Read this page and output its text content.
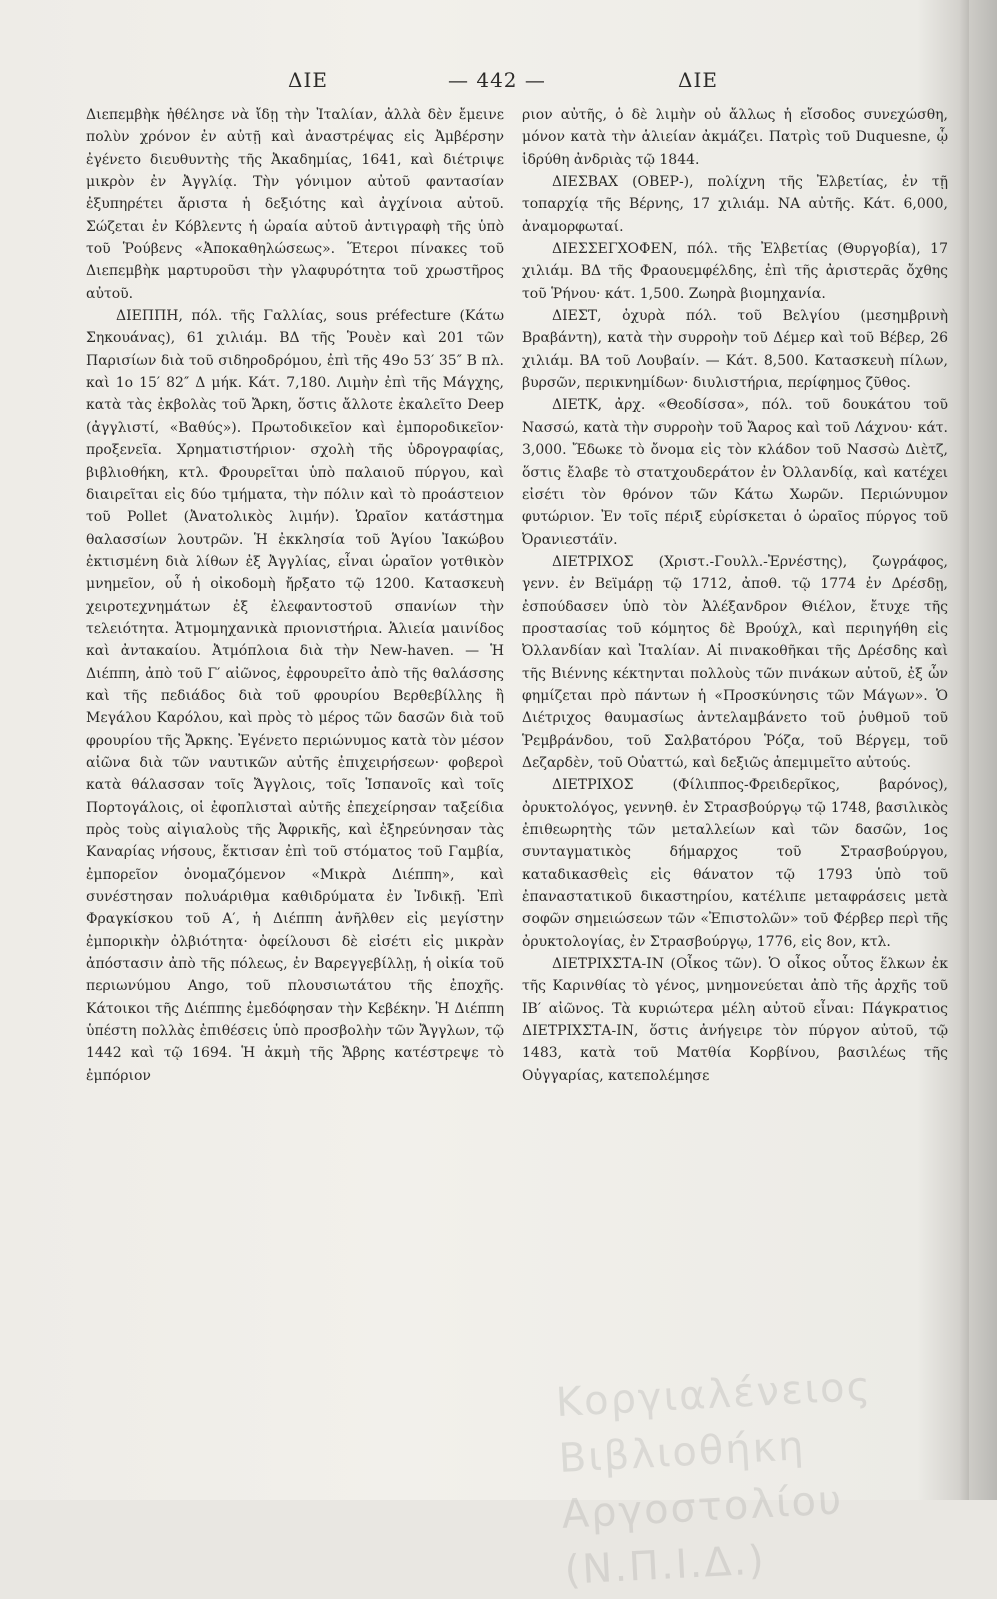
ΔΙΕ	— 442 —	ΔΙΕ

Διεπεμβὴκ ἠθέλησε νὰ ἴδῃ τὴν Ἰταλίαν, ἀλλὰ δὲν ἔμεινε πολὺν χρόνον ἐν αὐτῇ καὶ ἀναστρέψας εἰς Ἀμβέρσην ἐγένετο διευθυντὴς τῆς Ἀκαδημίας, 1641, καὶ διέτριψε μικρὸν ἐν Ἀγγλίᾳ. Τὴν γόνιμον αὐτοῦ φαντασίαν ἐξυπηρέτει ἄριστα ἡ δεξιότης καὶ ἀγχίνοια αὐτοῦ. Σώζεται ἐν Κόβλεντς ἡ ὡραία αὐτοῦ ἀντιγραφὴ τῆς ὑπὸ τοῦ Ῥούβενς «Ἀποκαθηλώσεως». Ἕτεροι πίνακες τοῦ Διεπεμβὴκ μαρτυροῦσι τὴν γλαφυρότητα τοῦ χρωστῆρος αὐτοῦ.

ΔΙΕΠΠΗ, πόλ. τῆς Γαλλίας, sous préfecture (Κάτω Σηκουάνας), 61 χιλιάμ. ΒΔ τῆς Ῥουὲν καὶ 201 τῶν Παρισίων διὰ τοῦ σιδηροδρόμου, ἐπὶ τῆς 49ο 53′ 35″ Β πλ. καὶ 1ο 15′ 82″ Δ μήκ. Κάτ. 7,180. Λιμὴν ἐπὶ τῆς Μάγχης, κατὰ τὰς ἐκβολὰς τοῦ Ἄρκη, ὅστις ἄλλοτε ἐκαλεῖτο Deep (ἀγγλιστί, «Βαθύς»). Πρωτοδικεῖον καὶ ἐμποροδικεῖον· προξενεῖα. Χρηματιστήριον· σχολὴ τῆς ὑδρογραφίας, βιβλιοθήκη, κτλ. Φρουρεῖται ὑπὸ παλαιοῦ πύργου, καὶ διαιρεῖται εἰς δύο τμήματα, τὴν πόλιν καὶ τὸ προάστειον τοῦ Pollet (Ἀνατολικὸς λιμήν). Ὡραῖον κατάστημα θαλασσίων λουτρῶν. Ἡ ἐκκλησία τοῦ Ἁγίου Ἰακώβου ἐκτισμένη διὰ λίθων ἐξ Ἀγγλίας, εἶναι ὡραῖον γοτθικὸν μνημεῖον, οὗ ἡ οἰκοδομὴ ἤρξατο τῷ 1200. Κατασκευὴ χειροτεχνημάτων ἐξ ἐλεφαντοστοῦ σπανίων τὴν τελειότητα. Ἀτμομηχανικὰ πριονιστήρια. Ἁλιεία μαινίδος καὶ ἀντακαίου. Ἀτμόπλοια διὰ τὴν New-haven. — Ἡ Διέππη, ἀπὸ τοῦ Γ′ αἰῶνος, ἐφρουρεῖτο ἀπὸ τῆς θαλάσσης καὶ τῆς πεδιάδος διὰ τοῦ φρουρίου Βερθεβίλλης ἢ Μεγάλου Καρόλου, καὶ πρὸς τὸ μέρος τῶν δασῶν διὰ τοῦ φρουρίου τῆς Ἄρκης. Ἐγένετο περιώνυμος κατὰ τὸν μέσον αἰῶνα διὰ τῶν ναυτικῶν αὐτῆς ἐπιχειρήσεων· φοβεροὶ κατὰ θάλασσαν τοῖς Ἄγγλοις, τοῖς Ἱσπανοῖς καὶ τοῖς Πορτογάλοις, οἱ ἐφοπλισταὶ αὐτῆς ἐπεχείρησαν ταξείδια πρὸς τοὺς αἰγιαλοὺς τῆς Ἀφρικῆς, καὶ ἐξηρεύνησαν τὰς Καναρίας νήσους, ἔκτισαν ἐπὶ τοῦ στόματος τοῦ Γαμβία, ἐμπορεῖον ὀνομαζόμενον «Μικρὰ Διέππη», καὶ συνέστησαν πολυάριθμα καθιδρύματα ἐν Ἰνδικῇ. Ἐπὶ Φραγκίσκου τοῦ Α′, ἡ Διέππη ἀνῆλθεν εἰς μεγίστην ἐμπορικὴν ὀλβιότητα· ὀφείλουσι δὲ εἰσέτι εἰς μικρὰν ἀπόστασιν ἀπὸ τῆς πόλεως, ἐν Βαρεγγεβίλλῃ, ἡ οἰκία τοῦ περιωνύμου Ango, τοῦ πλουσιωτάτου τῆς ἐποχῆς. Κάτοικοι τῆς Διέππης ἐμεδόφησαν τὴν Κεβέκην. Ἡ Διέππη ὑπέστη πολλὰς ἐπιθέσεις ὑπὸ προσβολὴν τῶν Ἄγγλων, τῷ 1442 καὶ τῷ 1694. Ἡ ἀκμὴ τῆς Ἄβρης κατέστρεψε τὸ ἐμπόριον

ριον αὐτῆς, ὁ δὲ λιμὴν οὐ ἄλλως ἡ εἴσοδος συνεχώσθη, μόνον κατὰ τὴν ἁλιείαν ἀκμάζει. Πατρὶς τοῦ Duquesne, ᾧ ἱδρύθη ἀνδριὰς τῷ 1844.

ΔΙΕΣΒΑΧ (ΟΒΕΡ-), πολίχνη τῆς Ἐλβετίας, ἐν τῇ τοπαρχίᾳ τῆς Βέρνης, 17 χιλιάμ. ΝΑ αὐτῆς. Κάτ. 6,000, ἀναμορφωταί.

ΔΙΕΣΣΕΓΧΟΦΕΝ, πόλ. τῆς Ἐλβετίας (Θυργοβία), 17 χιλιάμ. ΒΔ τῆς Φραουεμφέλδης, ἐπὶ τῆς ἀριστερᾶς ὄχθης τοῦ Ῥήνου· κάτ. 1,500. Ζωηρὰ βιομηχανία.

ΔΙΕΣΤ, ὀχυρὰ πόλ. τοῦ Βελγίου (μεσημβρινὴ Βραβάντη), κατὰ τὴν συρροὴν τοῦ Δέμερ καὶ τοῦ Βέβερ, 26 χιλιάμ. ΒΑ τοῦ Λουβαίν. — Κάτ. 8,500. Κατασκευὴ πίλων, βυρσῶν, περικνημίδων· διυλιστήρια, περίφημος ζῦθος.

ΔΙΕΤΚ, ἀρχ. «Θεοδίσσα», πόλ. τοῦ δουκάτου τοῦ Νασσώ, κατὰ τὴν συρροὴν τοῦ Ἄαρος καὶ τοῦ Λάχνου· κάτ. 3,000. Ἔδωκε τὸ ὄνομα εἰς τὸν κλάδον τοῦ Νασσὼ Διὲτζ, ὅστις ἔλαβε τὸ στατχουδεράτον ἐν Ὀλλανδίᾳ, καὶ κατέχει εἰσέτι τὸν θρόνον τῶν Κάτω Χωρῶν. Περιώνυμον φυτώριον. Ἐν τοῖς πέριξ εὑρίσκεται ὁ ὡραῖος πύργος τοῦ Ὀρανιεστάϊν.

ΔΙΕΤΡΙΧΟΣ (Χριστ.-Γουλλ.-Ἐρνέστης), ζωγράφος, γενν. ἐν Βεϊμάρῃ τῷ 1712, ἀποθ. τῷ 1774 ἐν Δρέσδῃ, ἐσπούδασεν ὑπὸ τὸν Ἀλέξανδρον Θιέλον, ἔτυχε τῆς προστασίας τοῦ κόμητος δὲ Βρούχλ, καὶ περιηγήθη εἰς Ὀλλανδίαν καὶ Ἰταλίαν. Αἱ πινακοθῆκαι τῆς Δρέσδης καὶ τῆς Βιέννης κέκτηνται πολλοὺς τῶν πινάκων αὐτοῦ, ἐξ ὧν φημίζεται πρὸ πάντων ἡ «Προσκύνησις τῶν Μάγων». Ὁ Διέτριχος θαυμασίως ἀντελαμβάνετο τοῦ ῥυθμοῦ τοῦ Ῥεμβράνδου, τοῦ Σαλβατόρου Ῥόζα, τοῦ Βέργεμ, τοῦ Δεζαρδὲν, τοῦ Οὐαττώ, καὶ δεξιῶς ἀπεμιμεῖτο αὐτούς.

ΔΙΕΤΡΙΧΟΣ (Φίλιππος-Φρειδερῖκος, βαρόνος), ὀρυκτολόγος, γεννηθ. ἐν Στρασβούργῳ τῷ 1748, βασιλικὸς ἐπιθεωρητὴς τῶν μεταλλείων καὶ τῶν δασῶν, 1ος συνταγματικὸς δήμαρχος τοῦ Στρασβούργου, καταδικασθεὶς εἰς θάνατον τῷ 1793 ὑπὸ τοῦ ἐπαναστατικοῦ δικαστηρίου, κατέλιπε μεταφράσεις μετὰ σοφῶν σημειώσεων τῶν «Ἐπιστολῶν» τοῦ Φέρβερ περὶ τῆς ὀρυκτολογίας, ἐν Στρασβούργῳ, 1776, εἰς 8ον, κτλ.

ΔΙΕΤΡΙΧΣΤΑ-ΙΝ (Οἶκος τῶν). Ὁ οἶκος οὗτος ἕλκων ἐκ τῆς Καρινθίας τὸ γένος, μνημονεύεται ἀπὸ τῆς ἀρχῆς τοῦ ΙΒ′ αἰῶνος. Τὰ κυριώτερα μέλη αὐτοῦ εἶναι: Πάγκρατιος ΔΙΕΤΡΙΧΣΤΑ-ΙΝ, ὅστις ἀνήγειρε τὸν πύργον αὐτοῦ, τῷ 1483, κατὰ τοῦ Ματθία Κορβίνου, βασιλέως τῆς Οὐγγαρίας, κατεπολέμησε

Κοργιαλένειος Βιβλιοθήκη Αργοστολίου (Ν.Π.Ι.Δ.)
